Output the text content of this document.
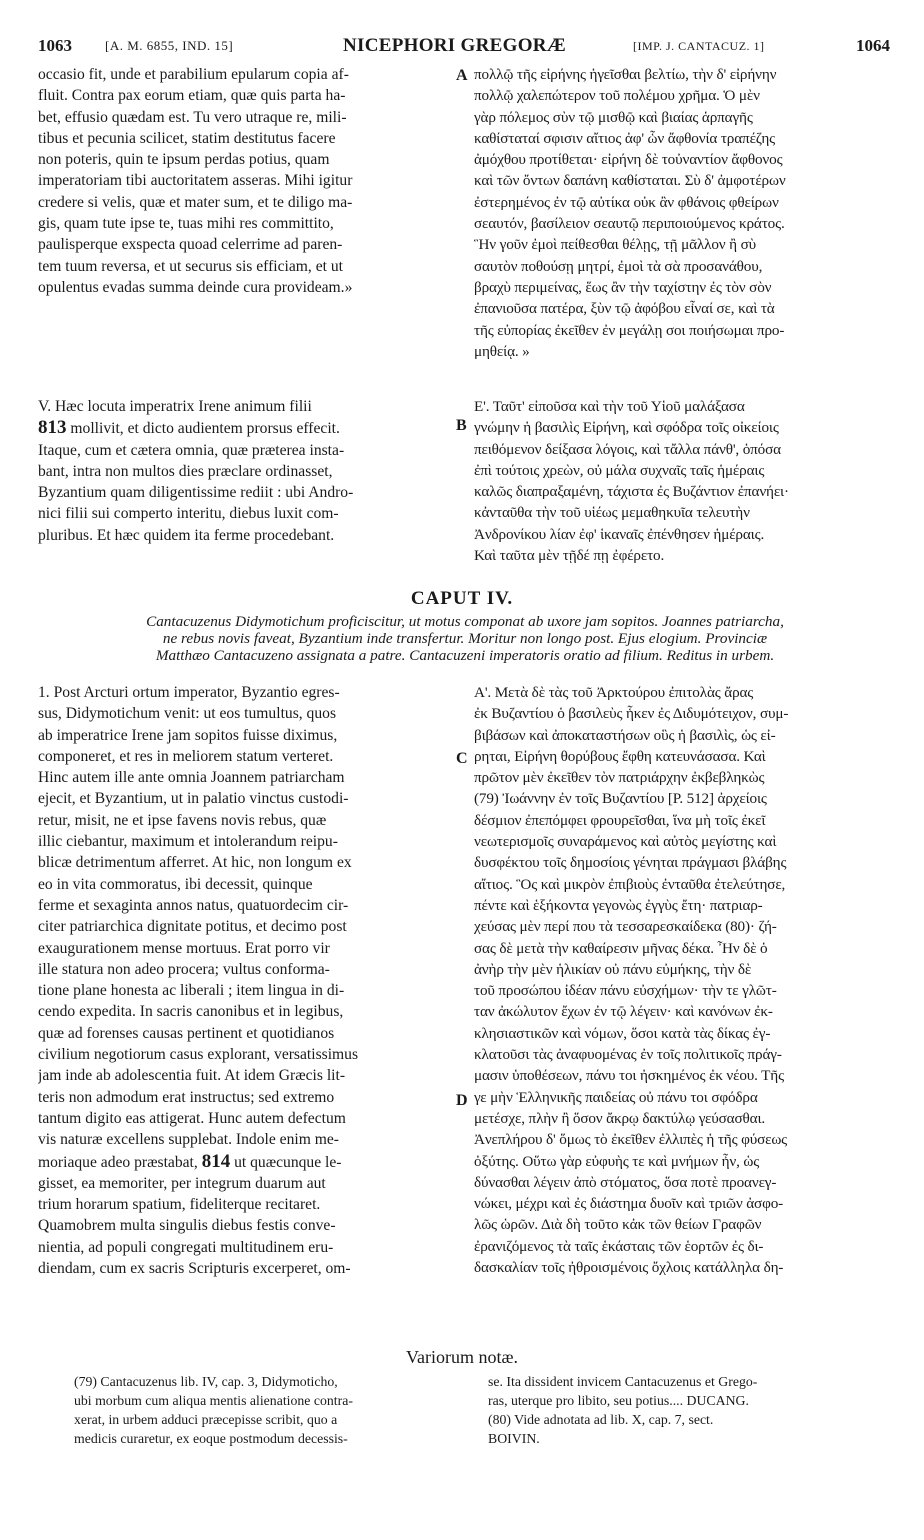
1063	[A. M. 6855, IND. 15]	NICEPHORI GREGORÆ	[IMP. J. CANTACUZ. 1]	1064
occasio fit, unde et parabilium epularum copia af-
fluit. Contra pax eorum etiam, quæ quis parta ha-
bet, effusio quædam est. Tu vero utraque re, mili-
tibus et pecunia scilicet, statim destitutus facere
non poteris, quin te ipsum perdas potius, quam
imperatoriam tibi auctoritatem asseras. Mihi igitur
credere si velis, quæ et mater sum, et te diligo ma-
gis, quam tute ipse te, tuas mihi res committito,
paulisperque exspecta quoad celerrime ad paren-
tem tuum reversa, et ut securus sis efficiam, et ut
opulentus evadas summa deinde cura provideam.»
πολλῷ τῆς εἰρήνης ἡγεῖσθαι βελτίω, τὴν δ' εἰρήνην
πολλῷ χαλεπώτερον τοῦ πολέμου χρῆμα. Ὁ μὲν
γὰρ πόλεμος σὺν τῷ μισθῷ καὶ βιαίας ἁρπαγῆς
καθίσταταί σφισιν αἴτιος ἀφ' ὧν ἄφθονία τραπέζης
ἀμόχθου προτίθεται· εἰρήνη δὲ τοὐναντίον ἄφθονος
καὶ τῶν ὄντων δαπάνη καθίσταται. Σὺ δ' ἀμφοτέρων
ἐστερημένος ἐν τῷ αὐτίκα οὐκ ἂν φθάνοις φθείρων
σεαυτόν, βασίλειον σεαυτῷ περιποιούμενος κράτος.
Ἣν γοῦν ἐμοὶ πείθεσθαι θέλῃς, τῇ μᾶλλον ἢ σὺ
σαυτὸν ποθούσῃ μητρί, ἐμοὶ τὰ σὰ προσανάθου,
βραχὺ περιμείνας, ἕως ἂν τὴν ταχίστην ἐς τὸν σὸν
ἐπανιοῦσα πατέρα, ξὺν τῷ ἀφόβου εἶναί σε, καὶ τὰ
τῆς εὐπορίας ἐκεῖθεν ἐν μεγάλῃ σοι ποιήσωμαι προ-
μηθείᾳ. »
A
V. Hæc locuta imperatrix Irene animum filii
813 mollivit, et dicto audientem prorsus effecit.
Itaque, cum et cætera omnia, quæ præterea insta-
bant, intra non multos dies præclare ordinasset,
Byzantium quam diligentissime rediit : ubi Andro-
nici filii sui comperto interitu, diebus luxit com-
pluribus. Et hæc quidem ita ferme procedebant.
Ε'. Ταῦτ' εἰποῦσα καὶ τὴν τοῦ Υἱοῦ μαλάξασα
γνώμην ἡ βασιλὶς Εἰρήνη, καὶ σφόδρα τοῖς οἰκείοις
πειθόμενον δείξασα λόγοις, καὶ τἄλλα πάνθ', ὁπόσα
ἐπὶ τούτοις χρεὼν, οὐ μάλα συχναῖς ταῖς ἡμέραις
καλῶς διαπραξαμένη, τάχιστα ἐς Βυζάντιον ἐπανήει·
κἀνταῦθα τὴν τοῦ υἱέως μεμαθηκυῖα τελευτὴν
Ἀνδρονίκου λίαν ἐφ' ἱκαναῖς ἐπένθησεν ἡμέραις.
Καὶ ταῦτα μὲν τῇδέ πῃ ἐφέρετο.
B
CAPUT IV.
Cantacuzenus Didymotichum proficiscitur, ut motus componat ab uxore jam sopitos. Joannes patriarcha,
ne rebus novis faveat, Byzantium inde transfertur. Moritur non longo post. Ejus elogium. Provinciæ
Matthæo Cantacuzeno assignata a patre. Cantacuzeni imperatoris oratio ad filium. Reditus in urbem.
1. Post Arcturi ortum imperator, Byzantio egres-
sus, Didymotichum venit: ut eos tumultus, quos
ab imperatrice Irene jam sopitos fuisse diximus,
componeret, et res in meliorem statum verteret.
Hinc autem ille ante omnia Joannem patriarcham
ejecit, et Byzantium, ut in palatio vinctus custodi-
retur, misit, ne et ipse favens novis rebus, quæ
illic ciebantur, maximum et intolerandum reipu-
blicæ detrimentum afferret. At hic, non longum ex
eo in vita commoratus, ibi decessit, quinque
ferme et sexaginta annos natus, quatuordecim cir-
citer patriarchica dignitate potitus, et decimo post
exaugurationem mense mortuus. Erat porro vir
ille statura non adeo procera; vultus conforma-
tione plane honesta ac liberali ; item lingua in di-
cendo expedita. In sacris canonibus et in legibus,
quæ ad forenses causas pertinent et quotidianos
civilium negotiorum casus explorant, versatissimus
jam inde ab adolescentia fuit. At idem Græcis lit-
teris non admodum erat instructus; sed extremo
tantum digito eas attigerat. Hunc autem defectum
vis naturæ excellens supplebat. Indole enim me-
moriaque adeo præstabat, 814 ut quæcunque le-
gisset, ea memoriter, per integrum duarum aut
trium horarum spatium, fideliterque recitaret.
Quamobrem multa singulis diebus festis conve-
nientia, ad populi congregati multitudinem eru-
diendam, cum ex sacris Scripturis excerperet, om-
Α'. Μετὰ δὲ τὰς τοῦ Ἀρκτούρου ἐπιτολὰς ἄρας
ἐκ Βυζαντίου ὁ βασιλεὺς ἧκεν ἐς Διδυμότειχον, συμ-
βιβάσων καὶ ἀποκαταστήσων οὓς ἡ βασιλὶς, ὡς εἰ-
ρηται, Εἰρήνη θορύβους ἔφθη κατευνάσασα. Καὶ
πρῶτον μὲν ἐκεῖθεν τὸν πατριάρχην ἐκβεβληκὼς
(79) Ἰωάννην ἐν τοῖς Βυζαντίου [P. 512] ἀρχείοις
δέσμιον ἐπεπόμφει φρουρεῖσθαι, ἵνα μὴ τοῖς ἐκεῖ
νεωτερισμοῖς συναράμενος καὶ αὐτὸς μεγίστης καὶ
δυσφέκτου τοῖς δημοσίοις γένηται πράγμασι βλάβης
αἴτιος. Ὃς καὶ μικρὸν ἐπιβιοὺς ἐνταῦθα ἐτελεύτησε,
πέντε καὶ ἑξήκοντα γεγονὼς ἐγγὺς ἔτη· πατριαρ-
χεύσας μὲν περί που τὰ τεσσαρεσκαίδεκα (80)· ζή-
σας δὲ μετὰ τὴν καθαίρεσιν μῆνας δέκα. Ἦν δὲ ὁ
ἀνὴρ τὴν μὲν ἡλικίαν οὐ πάνυ εὐμήκης, τὴν δὲ
τοῦ προσώπου ἰδέαν πάνυ εὐσχήμων· τὴν τε γλῶτ-
ταν ἀκώλυτον ἔχων ἐν τῷ λέγειν· καὶ κανόνων ἐκ-
κλησιαστικῶν καὶ νόμων, ὅσοι κατὰ τὰς δίκας ἐγ-
κλατοῦσι τὰς ἀναφυομένας ἐν τοῖς πολιτικοῖς πράγ-
μασιν ὑποθέσεων, πάνυ τοι ἠσκημένος ἐκ νέου. Τῆς
γε μὴν Ἑλληνικῆς παιδείας οὐ πάνυ τοι σφόδρα
μετέσχε, πλὴν ἢ ὅσον ἄκρῳ δακτύλῳ γεύσασθαι.
Ἀνεπλήρου δ' ὅμως τὸ ἐκεῖθεν ἐλλιπὲς ἡ τῆς φύσεως
ὀξύτης. Οὕτω γὰρ εὐφυὴς τε καὶ μνήμων ἦν, ὡς
δύνασθαι λέγειν ἀπὸ στόματος, ὅσα ποτὲ προανεγ-
νώκει, μέχρι καὶ ἐς διάστημα δυοῖν καὶ τριῶν ἀσφο-
λῶς ὡρῶν. Διὰ δὴ τοῦτο κἀκ τῶν θείων Γραφῶν
ἐρανιζόμενος τὰ ταῖς ἑκάσταις τῶν ἑορτῶν ἐς δι-
δασκαλίαν τοῖς ἠθροισμένοις ὄχλοις κατάλληλα δη-
C
D
Variorum notæ.
(79) Cantacuzenus lib. IV, cap. 3, Didymoticho,
ubi morbum cum aliqua mentis alienatione contra-
xerat, in urbem adduci præcepisse scribit, quo a
medicis curaretur, ex eoque postmodum decessis-
se. Ita dissident invicem Cantacuzenus et Grego-
ras, uterque pro libito, seu potius.... DUCANG.
(80) Vide adnotata ad lib. X, cap. 7, sect.
BOIVIN.
